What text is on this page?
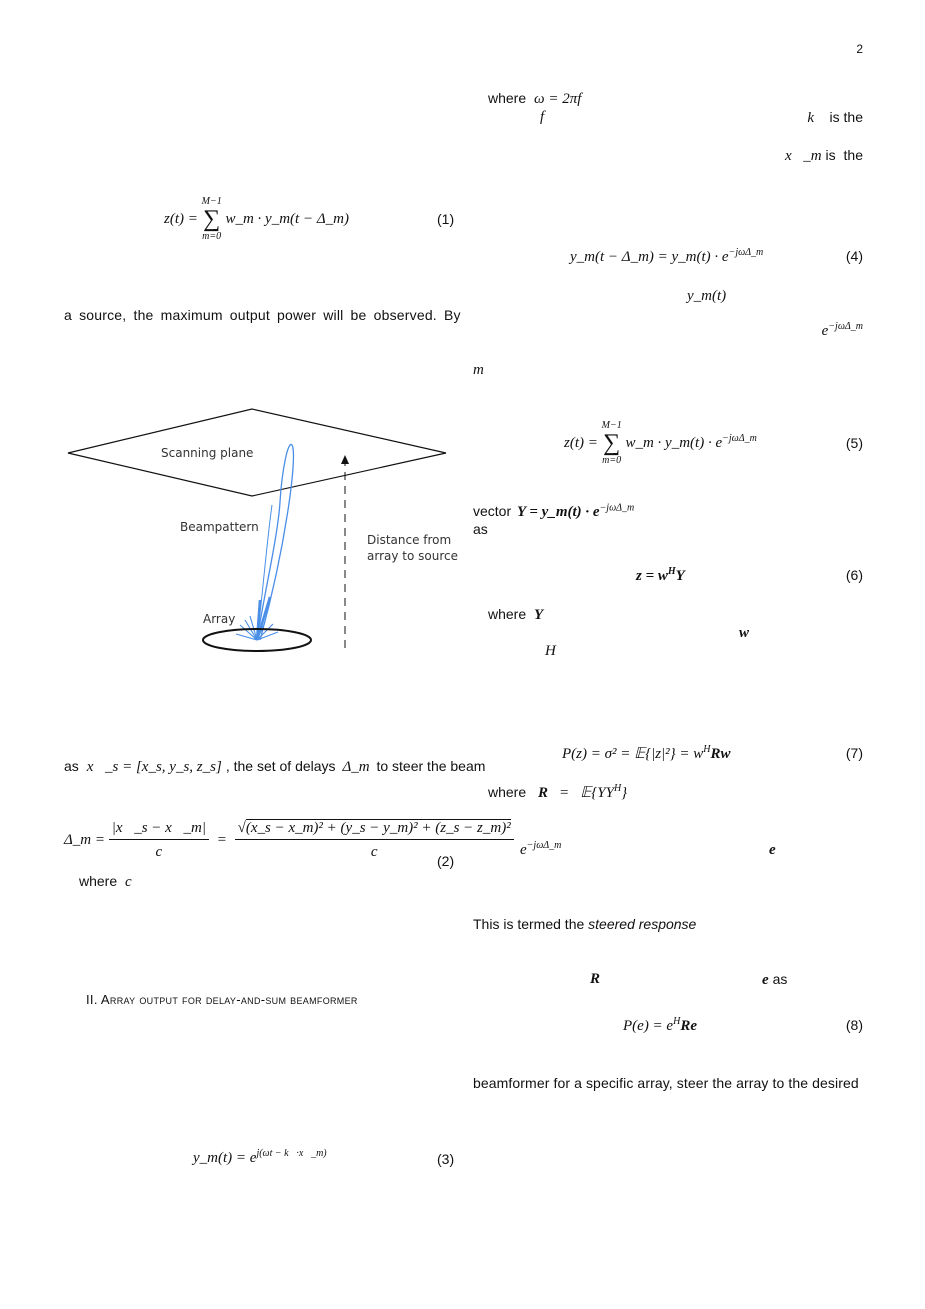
2
z(t) =
M−1
∑
m=0
w_m · y_m(t − Δ_m)	(1)
a source, the maximum output power will be observed. By
Scanning plane
Beampattern
Distance from
array to source
Array
as x⃗_s = [x_s, y_s, z_s] , the set of delays Δ_m to steer the beam
Δ_m = $\frac{|x⃗\_s - x⃗\_m|}{c} = \frac{\text{√(x\_s − x\_m)² + (y\_s − y\_m)² + (z\_s − z\_m)²}}{c}$
(2)
where c
II. Array output for delay-and-sum beamformer
y_m(t) = $e^{j(\omega t - k⃗\cdot x⃗\_m)}$	(3)
where ω = 2πf
f	k⃗ is the
x⃗_m is the
y_m(t − Δ_m) = y_m(t) · $e^{-j\omega\Delta\_m}$	(4)
y_m(t)
$e^{-j\omega\Delta\_m}$
m
z(t) =
M−1
∑
m=0
w_m · y_m(t) · $e^{-j\omega\Delta\_m}$	(5)
vector Y = y_m(t) · $e^{-j\omega\Delta\_m}$
as
$z = w^HY$	(6)
where Y
w
H
P(z) = σ² = 𝔼{|z|²} = $w^HRw$	(7)
where $R = 𝔼\{YY^H\}$
$e^{-j\omega\Delta\_m}$	e
This is termed the steered response
R	e as
$P(e) = e^HRe$	(8)
beamformer for a specific array, steer the array to the desired
